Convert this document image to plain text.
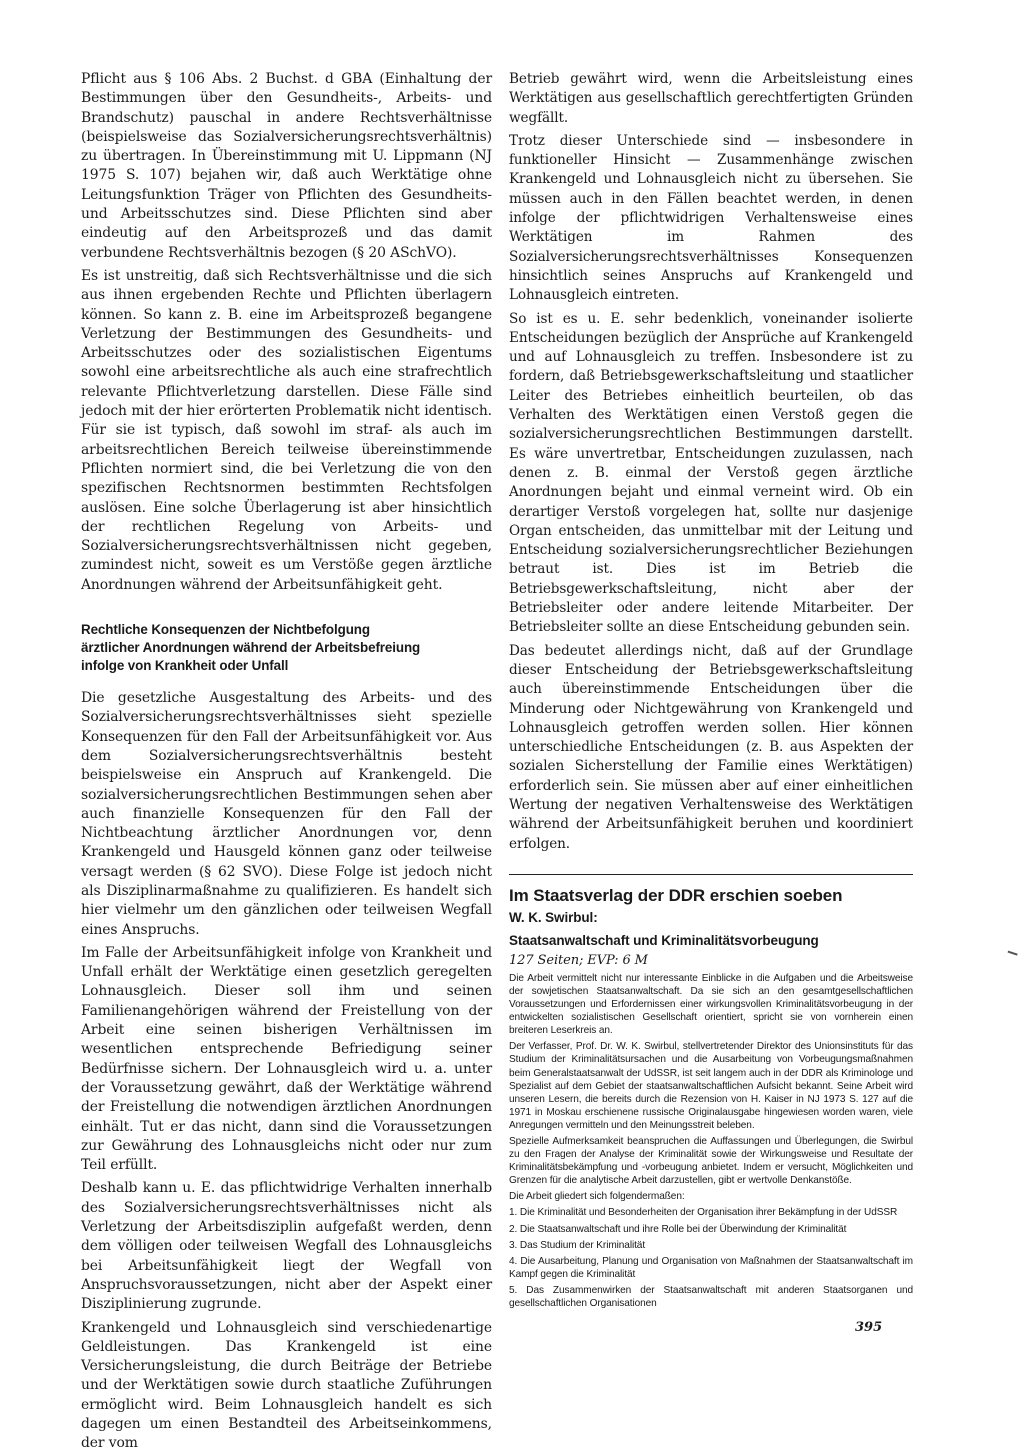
Pflicht aus § 106 Abs. 2 Buchst. d GBA (Einhaltung der Bestimmungen über den Gesundheits-, Arbeits- und Brandschutz) pauschal in andere Rechtsverhältnisse (beispielsweise das Sozialversicherungsrechtsverhältnis) zu übertragen. In Übereinstimmung mit U. Lippmann (NJ 1975 S. 107) bejahen wir, daß auch Werktätige ohne Leitungsfunktion Träger von Pflichten des Gesundheits- und Arbeitsschutzes sind. Diese Pflichten sind aber eindeutig auf den Arbeitsprozeß und das damit verbundene Rechtsverhältnis bezogen (§ 20 ASchVO).

Es ist unstreitig, daß sich Rechtsverhältnisse und die sich aus ihnen ergebenden Rechte und Pflichten überlagern können. So kann z. B. eine im Arbeitsprozeß begangene Verletzung der Bestimmungen des Gesundheits- und Arbeitsschutzes oder des sozialistischen Eigentums sowohl eine arbeitsrechtliche als auch eine strafrechtlich relevante Pflichtverletzung darstellen. Diese Fälle sind jedoch mit der hier erörterten Problematik nicht identisch. Für sie ist typisch, daß sowohl im straf- als auch im arbeitsrechtlichen Bereich teilweise übereinstimmende Pflichten normiert sind, die bei Verletzung die von den spezifischen Rechtsnormen bestimmten Rechtsfolgen auslösen. Eine solche Überlagerung ist aber hinsichtlich der rechtlichen Regelung von Arbeits- und Sozialversicherungsrechtsverhältnissen nicht gegeben, zumindest nicht, soweit es um Verstöße gegen ärztliche Anordnungen während der Arbeitsunfähigkeit geht.

Rechtliche Konsequenzen der Nichtbefolgung
ärztlicher Anordnungen während der Arbeitsbefreiung
infolge von Krankheit oder Unfall

Die gesetzliche Ausgestaltung des Arbeits- und des Sozialversicherungsrechtsverhältnisses sieht spezielle Konsequenzen für den Fall der Arbeitsunfähigkeit vor. Aus dem Sozialversicherungsrechtsverhältnis besteht beispielsweise ein Anspruch auf Krankengeld. Die sozialversicherungsrechtlichen Bestimmungen sehen aber auch finanzielle Konsequenzen für den Fall der Nichtbeachtung ärztlicher Anordnungen vor, denn Krankengeld und Hausgeld können ganz oder teilweise versagt werden (§ 62 SVO). Diese Folge ist jedoch nicht als Disziplinarmaßnahme zu qualifizieren. Es handelt sich hier vielmehr um den gänzlichen oder teilweisen Wegfall eines Anspruchs.

Im Falle der Arbeitsunfähigkeit infolge von Krankheit und Unfall erhält der Werktätige einen gesetzlich geregelten Lohnausgleich. Dieser soll ihm und seinen Familienangehörigen während der Freistellung von der Arbeit eine seinen bisherigen Verhältnissen im wesentlichen entsprechende Befriedigung seiner Bedürfnisse sichern. Der Lohnausgleich wird u. a. unter der Voraussetzung gewährt, daß der Werktätige während der Freistellung die notwendigen ärztlichen Anordnungen einhält. Tut er das nicht, dann sind die Voraussetzungen zur Gewährung des Lohnausgleichs nicht oder nur zum Teil erfüllt.

Deshalb kann u. E. das pflichtwidrige Verhalten innerhalb des Sozialversicherungsrechtsverhältnisses nicht als Verletzung der Arbeitsdisziplin aufgefaßt werden, denn dem völligen oder teilweisen Wegfall des Lohnausgleichs bei Arbeitsunfähigkeit liegt der Wegfall von Anspruchsvoraussetzungen, nicht aber der Aspekt einer Disziplinierung zugrunde.

Krankengeld und Lohnausgleich sind verschiedenartige Geldleistungen. Das Krankengeld ist eine Versicherungsleistung, die durch Beiträge der Betriebe und der Werktätigen sowie durch staatliche Zuführungen ermöglicht wird. Beim Lohnausgleich handelt es sich dagegen um einen Bestandteil des Arbeitseinkommens, der vom

Betrieb gewährt wird, wenn die Arbeitsleistung eines Werktätigen aus gesellschaftlich gerechtfertigten Gründen wegfällt.

Trotz dieser Unterschiede sind — insbesondere in funktioneller Hinsicht — Zusammenhänge zwischen Krankengeld und Lohnausgleich nicht zu übersehen. Sie müssen auch in den Fällen beachtet werden, in denen infolge der pflichtwidrigen Verhaltensweise eines Werktätigen im Rahmen des Sozialversicherungsrechtsverhältnisses Konsequenzen hinsichtlich seines Anspruchs auf Krankengeld und Lohnausgleich eintreten.

So ist es u. E. sehr bedenklich, voneinander isolierte Entscheidungen bezüglich der Ansprüche auf Krankengeld und auf Lohnausgleich zu treffen. Insbesondere ist zu fordern, daß Betriebsgewerkschaftsleitung und staatlicher Leiter des Betriebes einheitlich beurteilen, ob das Verhalten des Werktätigen einen Verstoß gegen die sozialversicherungsrechtlichen Bestimmungen darstellt. Es wäre unvertretbar, Entscheidungen zuzulassen, nach denen z. B. einmal der Verstoß gegen ärztliche Anordnungen bejaht und einmal verneint wird. Ob ein derartiger Verstoß vorgelegen hat, sollte nur dasjenige Organ entscheiden, das unmittelbar mit der Leitung und Entscheidung sozialversicherungsrechtlicher Beziehungen betraut ist. Dies ist im Betrieb die Betriebsgewerkschaftsleitung, nicht aber der Betriebsleiter oder andere leitende Mitarbeiter. Der Betriebsleiter sollte an diese Entscheidung gebunden sein.

Das bedeutet allerdings nicht, daß auf der Grundlage dieser Entscheidung der Betriebsgewerkschaftsleitung auch übereinstimmende Entscheidungen über die Minderung oder Nichtgewährung von Krankengeld und Lohnausgleich getroffen werden sollen. Hier können unterschiedliche Entscheidungen (z. B. aus Aspekten der sozialen Sicherstellung der Familie eines Werktätigen) erforderlich sein. Sie müssen aber auf einer einheitlichen Wertung der negativen Verhaltensweise des Werktätigen während der Arbeitsunfähigkeit beruhen und koordiniert erfolgen.

Im Staatsverlag der DDR erschien soeben
W. K. Swirbul:
Staatsanwaltschaft und Kriminalitätsvorbeugung
127 Seiten; EVP: 6 M

Die Arbeit vermittelt nicht nur interessante Einblicke in die Aufgaben und die Arbeitsweise der sowjetischen Staatsanwaltschaft. Da sie sich an den gesamtgesellschaftlichen Voraussetzungen und Erfordernissen einer wirkungsvollen Kriminalitätsvorbeugung in der entwickelten sozialistischen Gesellschaft orientiert, spricht sie von vornherein einen breiteren Leserkreis an.

Der Verfasser, Prof. Dr. W. K. Swirbul, stellvertretender Direktor des Unionsinstituts für das Studium der Kriminalitätsursachen und die Ausarbeitung von Vorbeugungsmaßnahmen beim Generalstaatsanwalt der UdSSR, ist seit langem auch in der DDR als Kriminologe und Spezialist auf dem Gebiet der staatsanwaltschaftlichen Aufsicht bekannt. Seine Arbeit wird unseren Lesern, die bereits durch die Rezension von H. Kaiser in NJ 1973 S. 127 auf die 1971 in Moskau erschienene russische Originalausgabe hingewiesen worden waren, viele Anregungen vermitteln und den Meinungsstreit beleben.

Spezielle Aufmerksamkeit beanspruchen die Auffassungen und Überlegungen, die Swirbul zu den Fragen der Analyse der Kriminalität sowie der Wirkungsweise und Resultate der Kriminalitätsbekämpfung und -vorbeugung anbietet. Indem er versucht, Möglichkeiten und Grenzen für die analytische Arbeit darzustellen, gibt er wertvolle Denkanstöße.

Die Arbeit gliedert sich folgendermaßen:

1. Die Kriminalität und Besonderheiten der Organisation ihrer Bekämpfung in der UdSSR

2. Die Staatsanwaltschaft und ihre Rolle bei der Überwindung der Kriminalität

3. Das Studium der Kriminalität

4. Die Ausarbeitung, Planung und Organisation von Maßnahmen der Staatsanwaltschaft im Kampf gegen die Kriminalität

5. Das Zusammenwirken der Staatsanwaltschaft mit anderen Staatsorganen und gesellschaftlichen Organisationen

395
